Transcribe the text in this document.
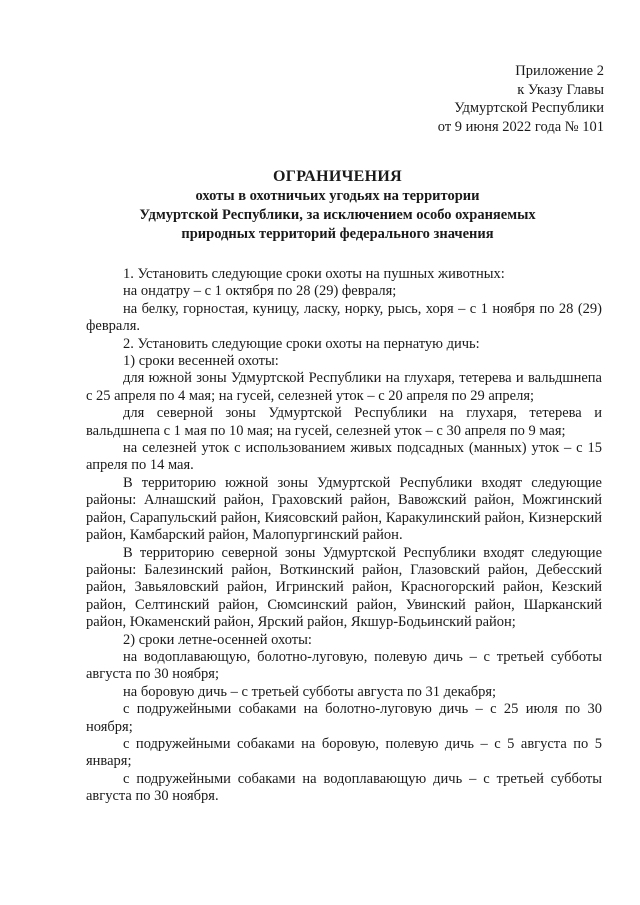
Приложение 2
к Указу Главы
Удмуртской Республики
от 9 июня 2022 года № 101
ОГРАНИЧЕНИЯ
охоты в охотничьих угодьях на территории
Удмуртской Республики, за исключением особо охраняемых
природных территорий федерального значения

1. Установить следующие сроки охоты на пушных животных:

на ондатру – с 1 октября по 28 (29) февраля;

на белку, горностая, куницу, ласку, норку, рысь, хоря – с 1 ноября по 28 (29) февраля.

2. Установить следующие сроки охоты на пернатую дичь:

1) сроки весенней охоты:

для южной зоны Удмуртской Республики на глухаря, тетерева и вальдшнепа с 25 апреля по 4 мая; на гусей, селезней уток – с 20 апреля по 29 апреля;

для северной зоны Удмуртской Республики на глухаря, тетерева и вальдшнепа с 1 мая по 10 мая; на гусей, селезней уток – с 30 апреля по 9 мая;

на селезней уток с использованием живых подсадных (манных) уток – с 15 апреля по 14 мая.

В территорию южной зоны Удмуртской Республики входят следующие районы: Алнашский район, Граховский район, Вавожский район, Можгинский район, Сарапульский район, Киясовский район, Каракулинский район, Кизнерский район, Камбарский район, Малопургинский район.

В территорию северной зоны Удмуртской Республики входят следующие районы: Балезинский район, Воткинский район, Глазовский район, Дебесский район, Завьяловский район, Игринский район, Красногорский район, Кезский район, Селтинский район, Сюмсинский район, Увинский район, Шарканский район, Юкаменский район, Ярский район, Якшур-Бодьинский район;

2) сроки летне-осенней охоты:

на водоплавающую, болотно-луговую, полевую дичь – с третьей субботы августа по 30 ноября;

на боровую дичь – с третьей субботы августа по 31 декабря;

с подружейными собаками на болотно-луговую дичь – с 25 июля по 30 ноября;

с подружейными собаками на боровую, полевую дичь – с 5 августа по 5 января;

с подружейными собаками на водоплавающую дичь – с третьей субботы августа по 30 ноября.
